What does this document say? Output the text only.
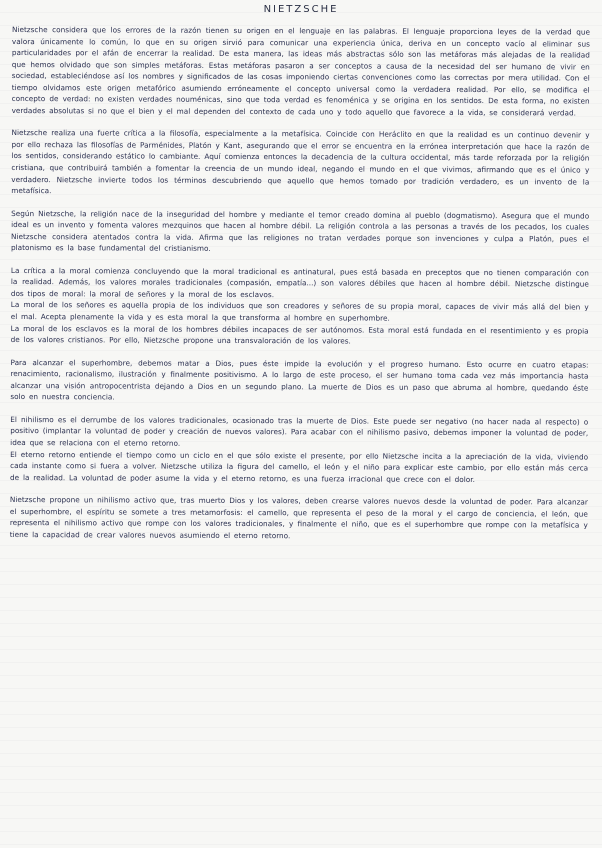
NIETZSCHE

Nietzsche considera que los errores de la razón tienen su origen en el lenguaje en las palabras. El lenguaje proporciona leyes de la verdad que valora únicamente lo común, lo que en su origen sirvió para comunicar una experiencia única, deriva en un concepto vacío al eliminar sus particularidades por el afán de encerrar la realidad. De esta manera, las ideas más abstractas sólo son las metáforas más alejadas de la realidad que hemos olvidado que son simples metáforas. Estas metáforas pasaron a ser conceptos a causa de la necesidad del ser humano de vivir en sociedad, estableciéndose así los nombres y significados de las cosas imponiendo ciertas convenciones como las correctas por mera utilidad. Con el tiempo olvidamos este origen metafórico asumiendo erróneamente el concepto universal como la verdadera realidad. Por ello, se modifica el concepto de verdad: no existen verdades nouménicas, sino que toda verdad es fenoménica y se origina en los sentidos. De esta forma, no existen verdades absolutas si no que el bien y el mal dependen del contexto de cada uno y todo aquello que favorece a la vida, se considerará verdad.

Nietzsche realiza una fuerte crítica a la filosofía, especialmente a la metafísica. Coincide con Heráclito en que la realidad es un continuo devenir y por ello rechaza las filosofías de Parménides, Platón y Kant, asegurando que el error se encuentra en la errónea interpretación que hace la razón de los sentidos, considerando estático lo cambiante. Aquí comienza entonces la decadencia de la cultura occidental, más tarde reforzada por la religión cristiana, que contribuirá también a fomentar la creencia de un mundo ideal, negando el mundo en el que vivimos, afirmando que es el único y verdadero. Nietzsche invierte todos los términos descubriendo que aquello que hemos tomado por tradición verdadero, es un invento de la metafísica.

Según Nietzsche, la religión nace de la inseguridad del hombre y mediante el temor creado domina al pueblo (dogmatismo). Asegura que el mundo ideal es un invento y fomenta valores mezquinos que hacen al hombre débil. La religión controla a las personas a través de los pecados, los cuales Nietzsche considera atentados contra la vida. Afirma que las religiones no tratan verdades porque son invenciones y culpa a Platón, pues el platonismo es la base fundamental del cristianismo.

La crítica a la moral comienza concluyendo que la moral tradicional es antinatural, pues está basada en preceptos que no tienen comparación con la realidad. Además, los valores morales tradicionales (compasión, empatía...) son valores débiles que hacen al hombre débil. Nietzsche distingue dos tipos de moral: la moral de señores y la moral de los esclavos.

La moral de los señores es aquella propia de los individuos que son creadores y señores de su propia moral, capaces de vivir más allá del bien y el mal. Acepta plenamente la vida y es esta moral la que transforma al hombre en superhombre.

La moral de los esclavos es la moral de los hombres débiles incapaces de ser autónomos. Esta moral está fundada en el resentimiento y es propia de los valores cristianos. Por ello, Nietzsche propone una transvaloración de los valores.

Para alcanzar el superhombre, debemos matar a Dios, pues éste impide la evolución y el progreso humano. Esto ocurre en cuatro etapas: renacimiento, racionalismo, ilustración y finalmente positivismo. A lo largo de este proceso, el ser humano toma cada vez más importancia hasta alcanzar una visión antropocentrista dejando a Dios en un segundo plano. La muerte de Dios es un paso que abruma al hombre, quedando éste solo en nuestra conciencia.

El nihilismo es el derrumbe de los valores tradicionales, ocasionado tras la muerte de Dios. Este puede ser negativo (no hacer nada al respecto) o positivo (implantar la voluntad de poder y creación de nuevos valores). Para acabar con el nihilismo pasivo, debemos imponer la voluntad de poder, idea que se relaciona con el eterno retorno.

El eterno retorno entiende el tiempo como un ciclo en el que sólo existe el presente, por ello Nietzsche incita a la apreciación de la vida, viviendo cada instante como si fuera a volver. Nietzsche utiliza la figura del camello, el león y el niño para explicar este cambio, por ello están más cerca de la realidad. La voluntad de poder asume la vida y el eterno retorno, es una fuerza irracional que crece con el dolor.

Nietzsche propone un nihilismo activo que, tras muerto Dios y los valores, deben crearse valores nuevos desde la voluntad de poder. Para alcanzar el superhombre, el espíritu se somete a tres metamorfosis: el camello, que representa el peso de la moral y el cargo de conciencia, el león, que representa el nihilismo activo que rompe con los valores tradicionales, y finalmente el niño, que es el superhombre que rompe con la metafísica y tiene la capacidad de crear valores nuevos asumiendo el eterno retorno.
